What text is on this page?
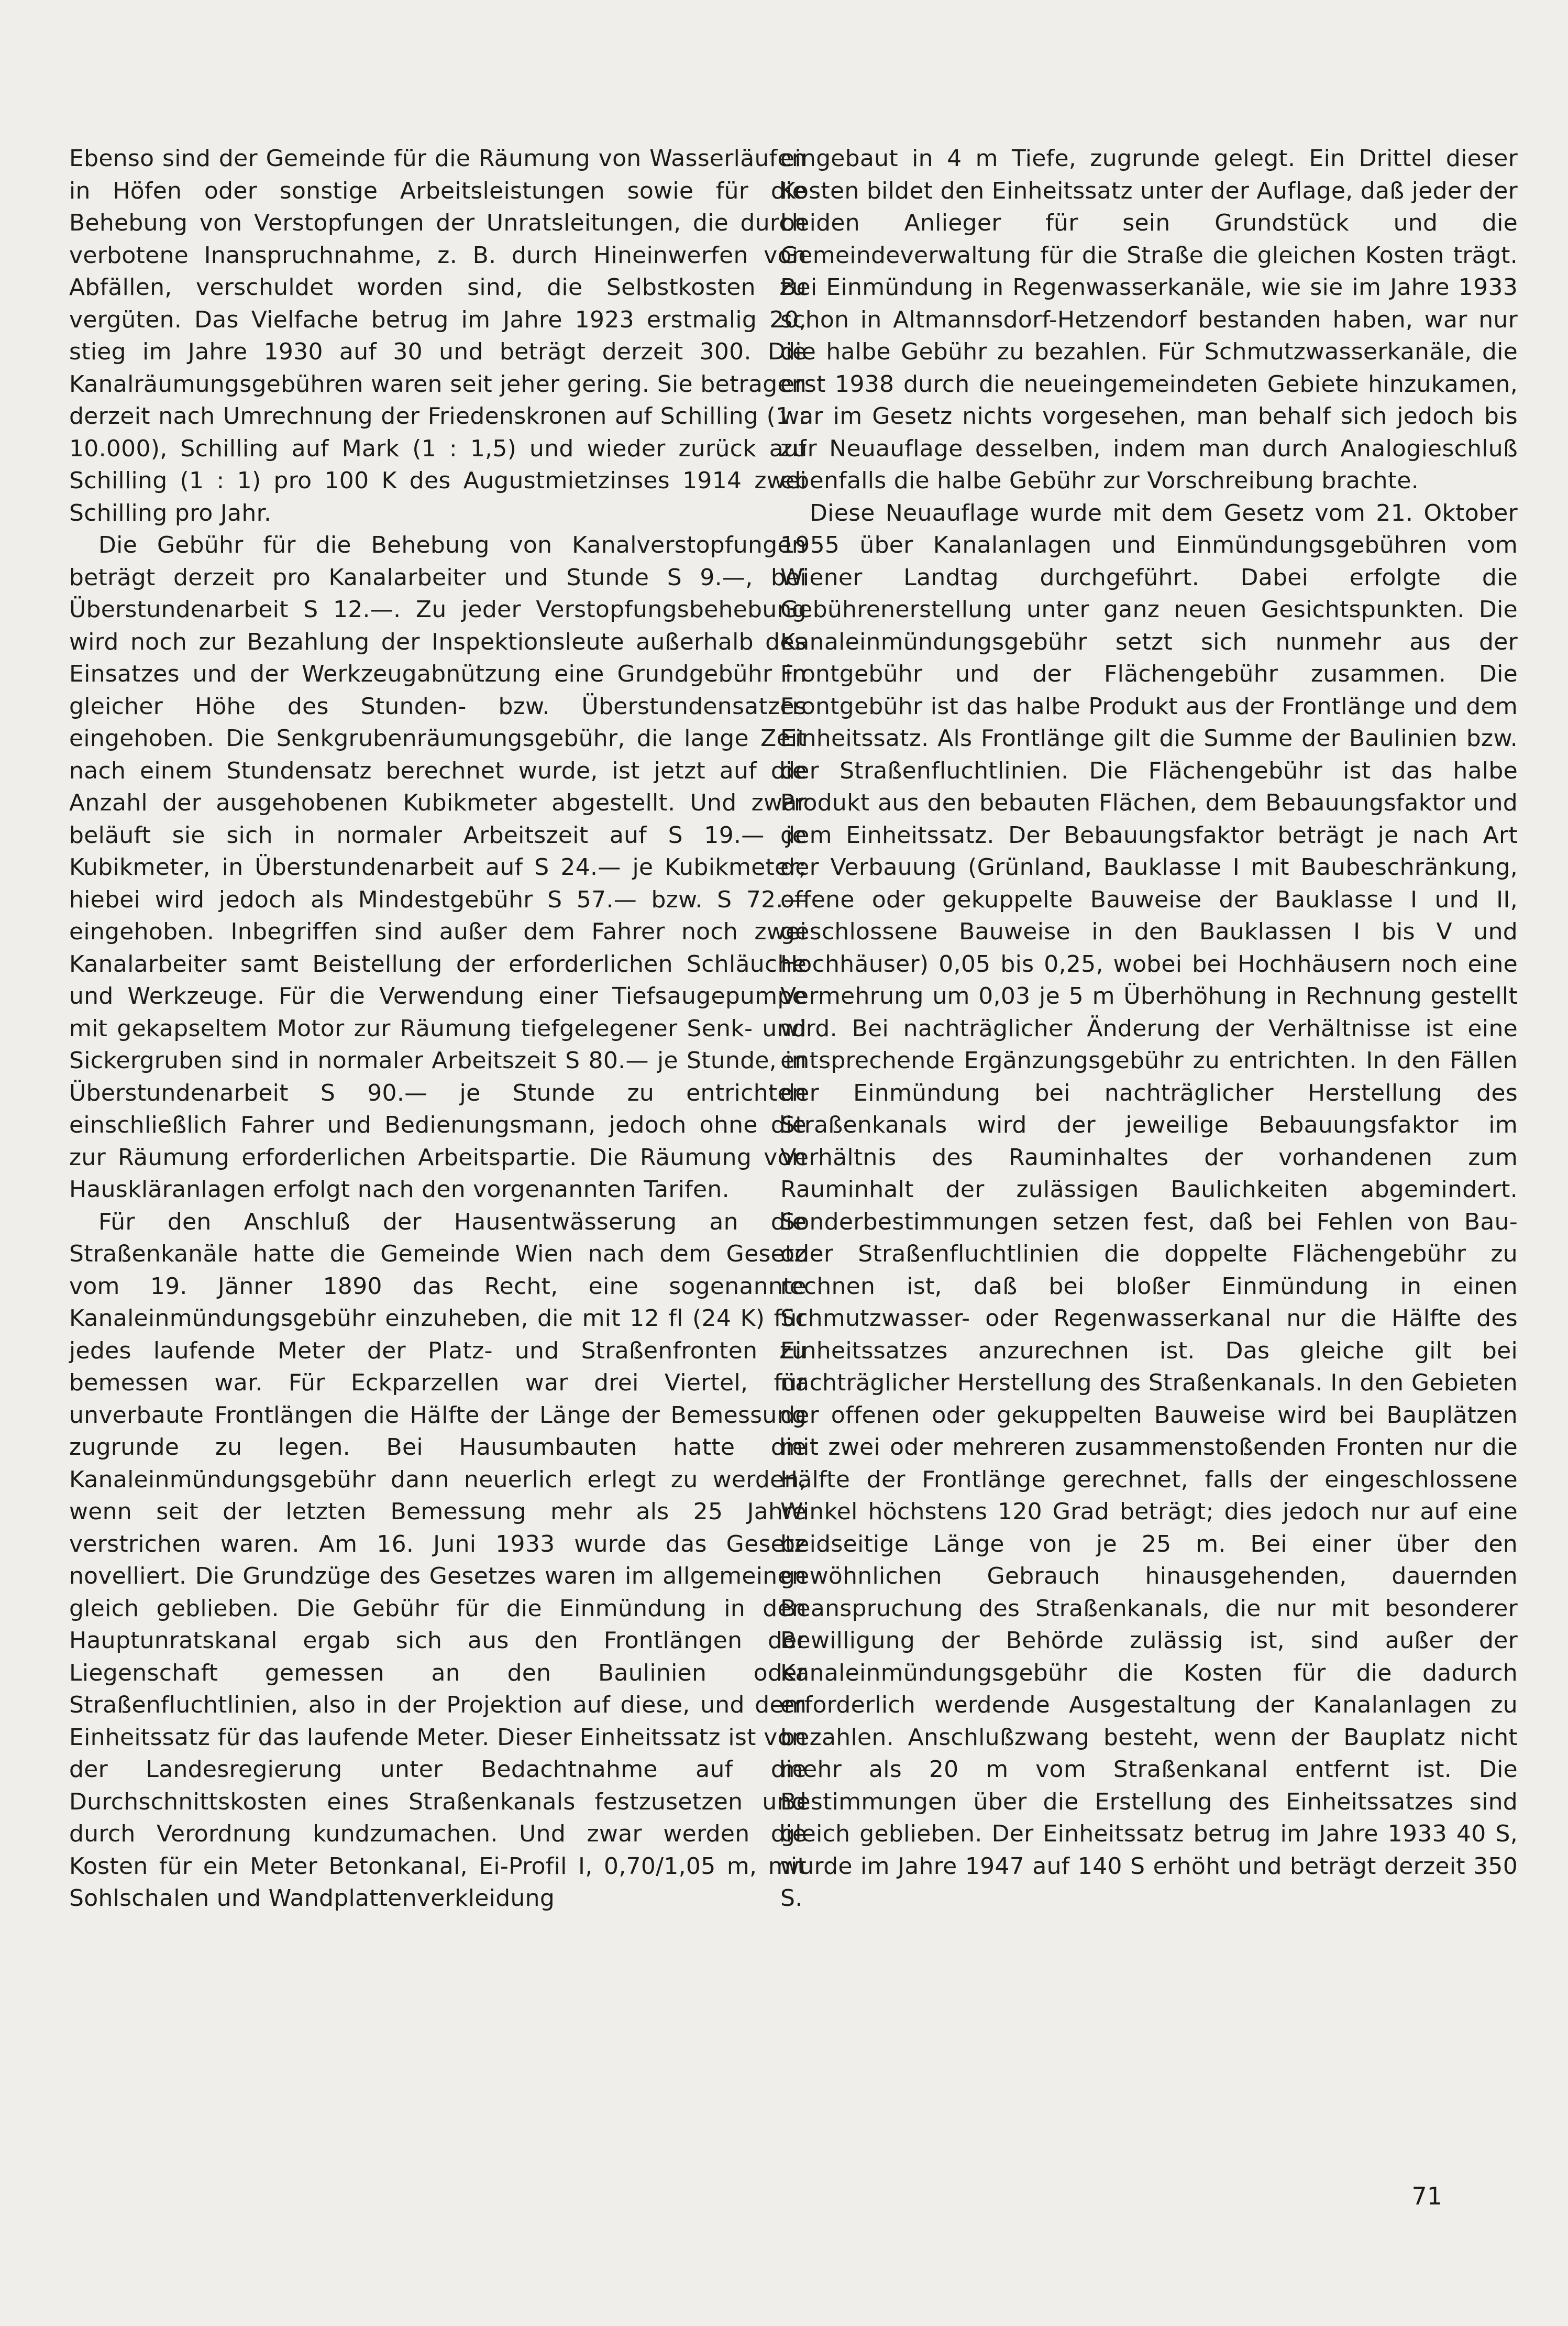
Ebenso sind der Gemeinde für die Räumung von Wasserläufen in Höfen oder sonstige Arbeitsleistungen sowie für die Behebung von Verstopfungen der Unratsleitungen, die durch verbotene Inanspruchnahme, z. B. durch Hineinwerfen von Abfällen, verschuldet worden sind, die Selbstkosten zu vergüten. Das Vielfache betrug im Jahre 1923 erstmalig 20, stieg im Jahre 1930 auf 30 und beträgt derzeit 300. Die Kanalräumungsgebühren waren seit jeher gering. Sie betragen derzeit nach Umrechnung der Friedenskronen auf Schilling (1 : 10.000), Schilling auf Mark (1 : 1,5) und wieder zurück auf Schilling (1 : 1) pro 100 K des Augustmietzinses 1914 zwei Schilling pro Jahr.

Die Gebühr für die Behebung von Kanalverstopfungen beträgt derzeit pro Kanalarbeiter und Stunde S 9.—, bei Überstundenarbeit S 12.—. Zu jeder Verstopfungsbehebung wird noch zur Bezahlung der Inspektionsleute außerhalb des Einsatzes und der Werkzeugabnützung eine Grundgebühr in gleicher Höhe des Stunden- bzw. Überstundensatzes eingehoben. Die Senkgrubenräumungsgebühr, die lange Zeit nach einem Stundensatz berechnet wurde, ist jetzt auf die Anzahl der ausgehobenen Kubikmeter abgestellt. Und zwar beläuft sie sich in normaler Arbeitszeit auf S 19.— je Kubikmeter, in Überstundenarbeit auf S 24.— je Kubikmeter; hiebei wird jedoch als Mindestgebühr S 57.— bzw. S 72.— eingehoben. Inbegriffen sind außer dem Fahrer noch zwei Kanalarbeiter samt Beistellung der erforderlichen Schläuche und Werkzeuge. Für die Verwendung einer Tiefsaugepumpe mit gekapseltem Motor zur Räumung tiefgelegener Senk- und Sickergruben sind in normaler Arbeitszeit S 80.— je Stunde, in Überstundenarbeit S 90.— je Stunde zu entrichten einschließlich Fahrer und Bedienungsmann, jedoch ohne die zur Räumung erforderlichen Arbeitspartie. Die Räumung von Hauskläranlagen erfolgt nach den vorgenannten Tarifen.

Für den Anschluß der Hausentwässerung an die Straßenkanäle hatte die Gemeinde Wien nach dem Gesetz vom 19. Jänner 1890 das Recht, eine sogenannte Kanaleinmündungsgebühr einzuheben, die mit 12 fl (24 K) für jedes laufende Meter der Platz- und Straßenfronten zu bemessen war. Für Eckparzellen war drei Viertel, für unverbaute Frontlängen die Hälfte der Länge der Bemessung zugrunde zu legen. Bei Hausumbauten hatte die Kanaleinmündungsgebühr dann neuerlich erlegt zu werden, wenn seit der letzten Bemessung mehr als 25 Jahre verstrichen waren. Am 16. Juni 1933 wurde das Gesetz novelliert. Die Grundzüge des Gesetzes waren im allgemeinen gleich geblieben. Die Gebühr für die Einmündung in den Hauptunratskanal ergab sich aus den Frontlängen der Liegenschaft gemessen an den Baulinien oder Straßenfluchtlinien, also in der Projektion auf diese, und dem Einheitssatz für das laufende Meter. Dieser Einheitssatz ist von der Landesregierung unter Bedachtnahme auf die Durchschnittskosten eines Straßenkanals festzusetzen und durch Verordnung kundzumachen. Und zwar werden die Kosten für ein Meter Betonkanal, Ei-Profil I, 0,70/1,05 m, mit Sohlschalen und Wandplattenverkleidung

eingebaut in 4 m Tiefe, zugrunde gelegt. Ein Drittel dieser Kosten bildet den Einheitssatz unter der Auflage, daß jeder der beiden Anlieger für sein Grundstück und die Gemeindeverwaltung für die Straße die gleichen Kosten trägt. Bei Einmündung in Regenwasserkanäle, wie sie im Jahre 1933 schon in Altmannsdorf-Hetzendorf bestanden haben, war nur die halbe Gebühr zu bezahlen. Für Schmutzwasserkanäle, die erst 1938 durch die neueingemeindeten Gebiete hinzukamen, war im Gesetz nichts vorgesehen, man behalf sich jedoch bis zur Neuauflage desselben, indem man durch Analogieschluß ebenfalls die halbe Gebühr zur Vorschreibung brachte.

Diese Neuauflage wurde mit dem Gesetz vom 21. Oktober 1955 über Kanalanlagen und Einmündungsgebühren vom Wiener Landtag durchgeführt. Dabei erfolgte die Gebührenerstellung unter ganz neuen Gesichtspunkten. Die Kanaleinmündungsgebühr setzt sich nunmehr aus der Frontgebühr und der Flächengebühr zusammen. Die Frontgebühr ist das halbe Produkt aus der Frontlänge und dem Einheitssatz. Als Frontlänge gilt die Summe der Baulinien bzw. der Straßenfluchtlinien. Die Flächengebühr ist das halbe Produkt aus den bebauten Flächen, dem Bebauungsfaktor und dem Einheitssatz. Der Bebauungsfaktor beträgt je nach Art der Verbauung (Grünland, Bauklasse I mit Baubeschränkung, offene oder gekuppelte Bauweise der Bauklasse I und II, geschlossene Bauweise in den Bauklassen I bis V und Hochhäuser) 0,05 bis 0,25, wobei bei Hochhäusern noch eine Vermehrung um 0,03 je 5 m Überhöhung in Rechnung gestellt wird. Bei nachträglicher Änderung der Verhältnisse ist eine entsprechende Ergänzungsgebühr zu entrichten. In den Fällen der Einmündung bei nachträglicher Herstellung des Straßenkanals wird der jeweilige Bebauungsfaktor im Verhältnis des Rauminhaltes der vorhandenen zum Rauminhalt der zulässigen Baulichkeiten abgemindert. Sonderbestimmungen setzen fest, daß bei Fehlen von Bau- oder Straßenfluchtlinien die doppelte Flächengebühr zu rechnen ist, daß bei bloßer Einmündung in einen Schmutzwasser- oder Regenwasserkanal nur die Hälfte des Einheitssatzes anzurechnen ist. Das gleiche gilt bei nachträglicher Herstellung des Straßenkanals. In den Gebieten der offenen oder gekuppelten Bauweise wird bei Bauplätzen mit zwei oder mehreren zusammenstoßenden Fronten nur die Hälfte der Frontlänge gerechnet, falls der eingeschlossene Winkel höchstens 120 Grad beträgt; dies jedoch nur auf eine beidseitige Länge von je 25 m. Bei einer über den gewöhnlichen Gebrauch hinausgehenden, dauernden Beanspruchung des Straßenkanals, die nur mit besonderer Bewilligung der Behörde zulässig ist, sind außer der Kanaleinmündungsgebühr die Kosten für die dadurch erforderlich werdende Ausgestaltung der Kanalanlagen zu bezahlen. Anschlußzwang besteht, wenn der Bauplatz nicht mehr als 20 m vom Straßenkanal entfernt ist. Die Bestimmungen über die Erstellung des Einheitssatzes sind gleich geblieben. Der Einheitssatz betrug im Jahre 1933 40 S, wurde im Jahre 1947 auf 140 S erhöht und beträgt derzeit 350 S.

71
